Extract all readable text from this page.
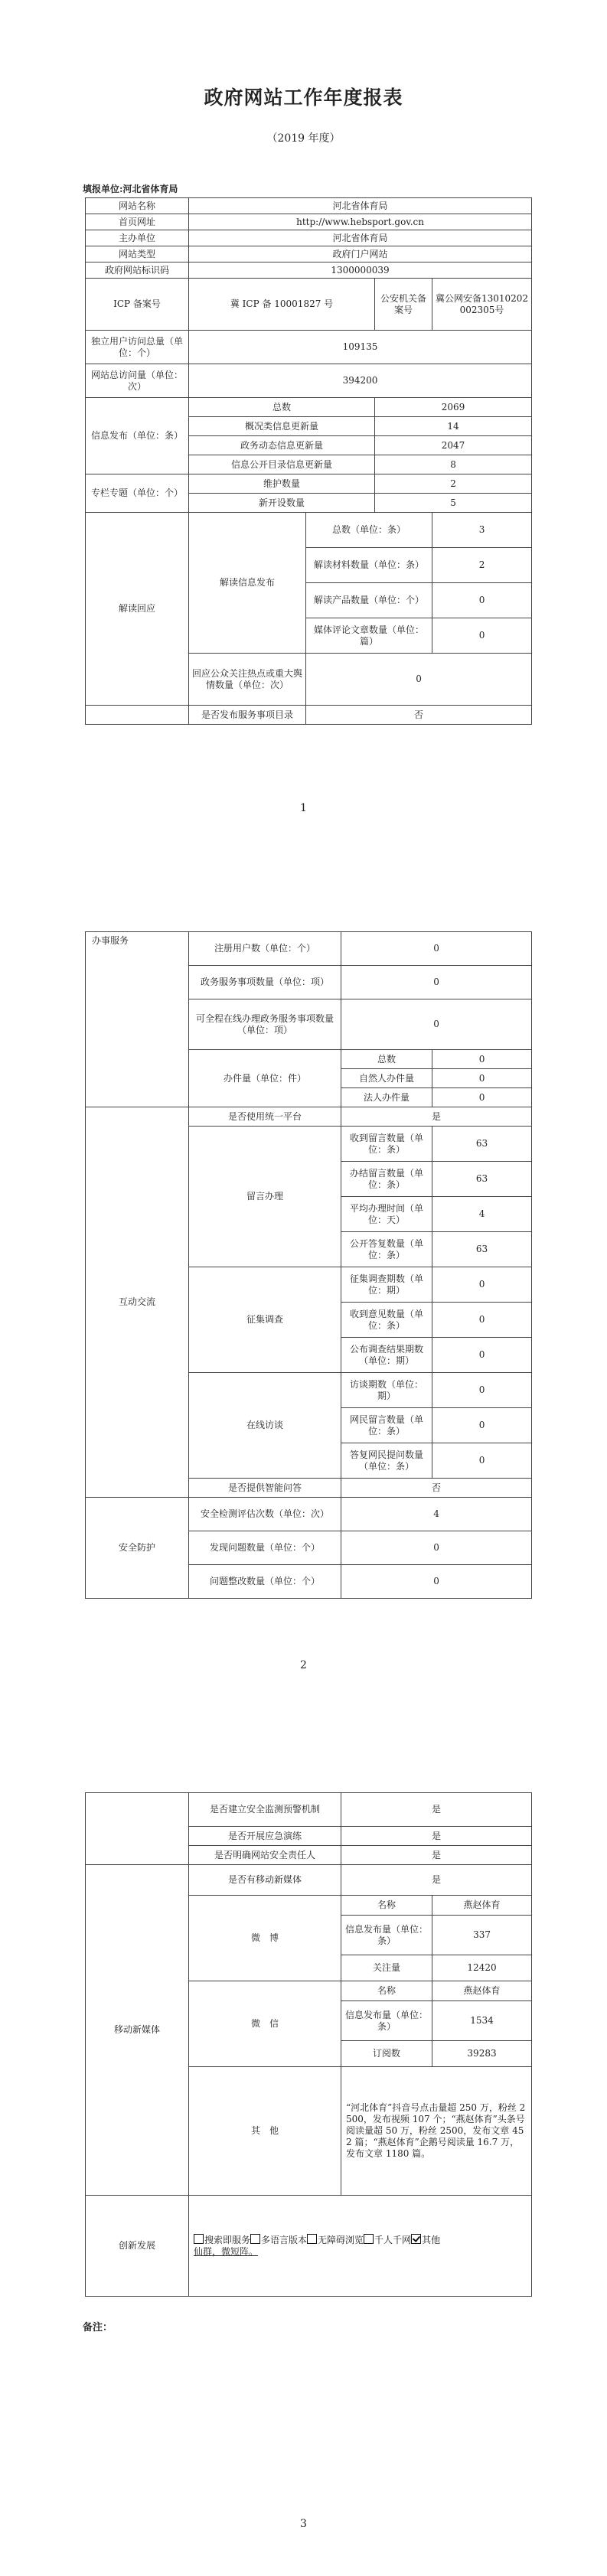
政府网站工作年度报表
（2019 年度）
填报单位:河北省体育局
网站名称	河北省体育局			
首页网址	http://www.hebsport.gov.cn			
主办单位	河北省体育局			
网站类型	政府门户网站			
政府网站标识码	1300000039			
ICP 备案号	冀 ICP 备 10001827 号		公安机关备案号	冀公网安备13010202002305号
独立用户访问总量（单位：个）	109135			
网站总访问量（单位：次）	394200			
信息发布（单位：条）	总数		2069	
	概况类信息更新量		14	
	政务动态信息更新量		2047	
	信息公开目录信息更新量		8	
专栏专题（单位：个）	维护数量		2	
	新开设数量		5	
解读回应	解读信息发布	总数（单位：条）		3
		解读材料数量（单位：条）		2
		解读产品数量（单位：个）		0
		媒体评论文章数量（单位：篇）		0
	回应公众关注热点或重大舆情数量（单位：次）	0		
	是否发布服务事项目录	否		
1
办事服务	注册用户数（单位：个）	0	
	政务服务事项数量（单位：项）	0	
	可全程在线办理政务服务事项数量（单位：项）	0	
	办件量（单位：件）	总数	0
		自然人办件量	0
		法人办件量	0
互动交流	是否使用统一平台	是	
	留言办理	收到留言数量（单位：条）	63
		办结留言数量（单位：条）	63
		平均办理时间（单位：天）	4
		公开答复数量（单位：条）	63
	征集调查	征集调查期数（单位：期）	0
		收到意见数量（单位：条）	0
		公布调查结果期数（单位：期）	0
	在线访谈	访谈期数（单位：期）	0
		网民留言数量（单位：条）	0
		答复网民提问数量（单位：条）	0
	是否提供智能问答	否	
安全防护	安全检测评估次数（单位：次）	4	
	发现问题数量（单位：个）	0	
	问题整改数量（单位：个）	0	
2
	是否建立安全监测预警机制	是	
	是否开展应急演练	是	
	是否明确网站安全责任人	是	
移动新媒体	是否有移动新媒体	是	
	微　博	名称	燕赵体育
		信息发布量（单位：条）	337
		关注量	12420
	微　信	名称	燕赵体育
		信息发布量（单位：条）	1534
		订阅数	39283
	其　他	“河北体育”抖音号点击量超 250 万，粉丝 2500，发布视频 107 个；“燕赵体育”头条号阅读量超 50 万，粉丝 2500，发布文章 452 篇；“燕赵体育”企鹅号阅读量 16.7 万，发布文章 1180 篇。	
创新发展	搜索即服务 多语言版本 无障碍浏览 千人千网 其他
仙群，微短阵。		
备注：
3
